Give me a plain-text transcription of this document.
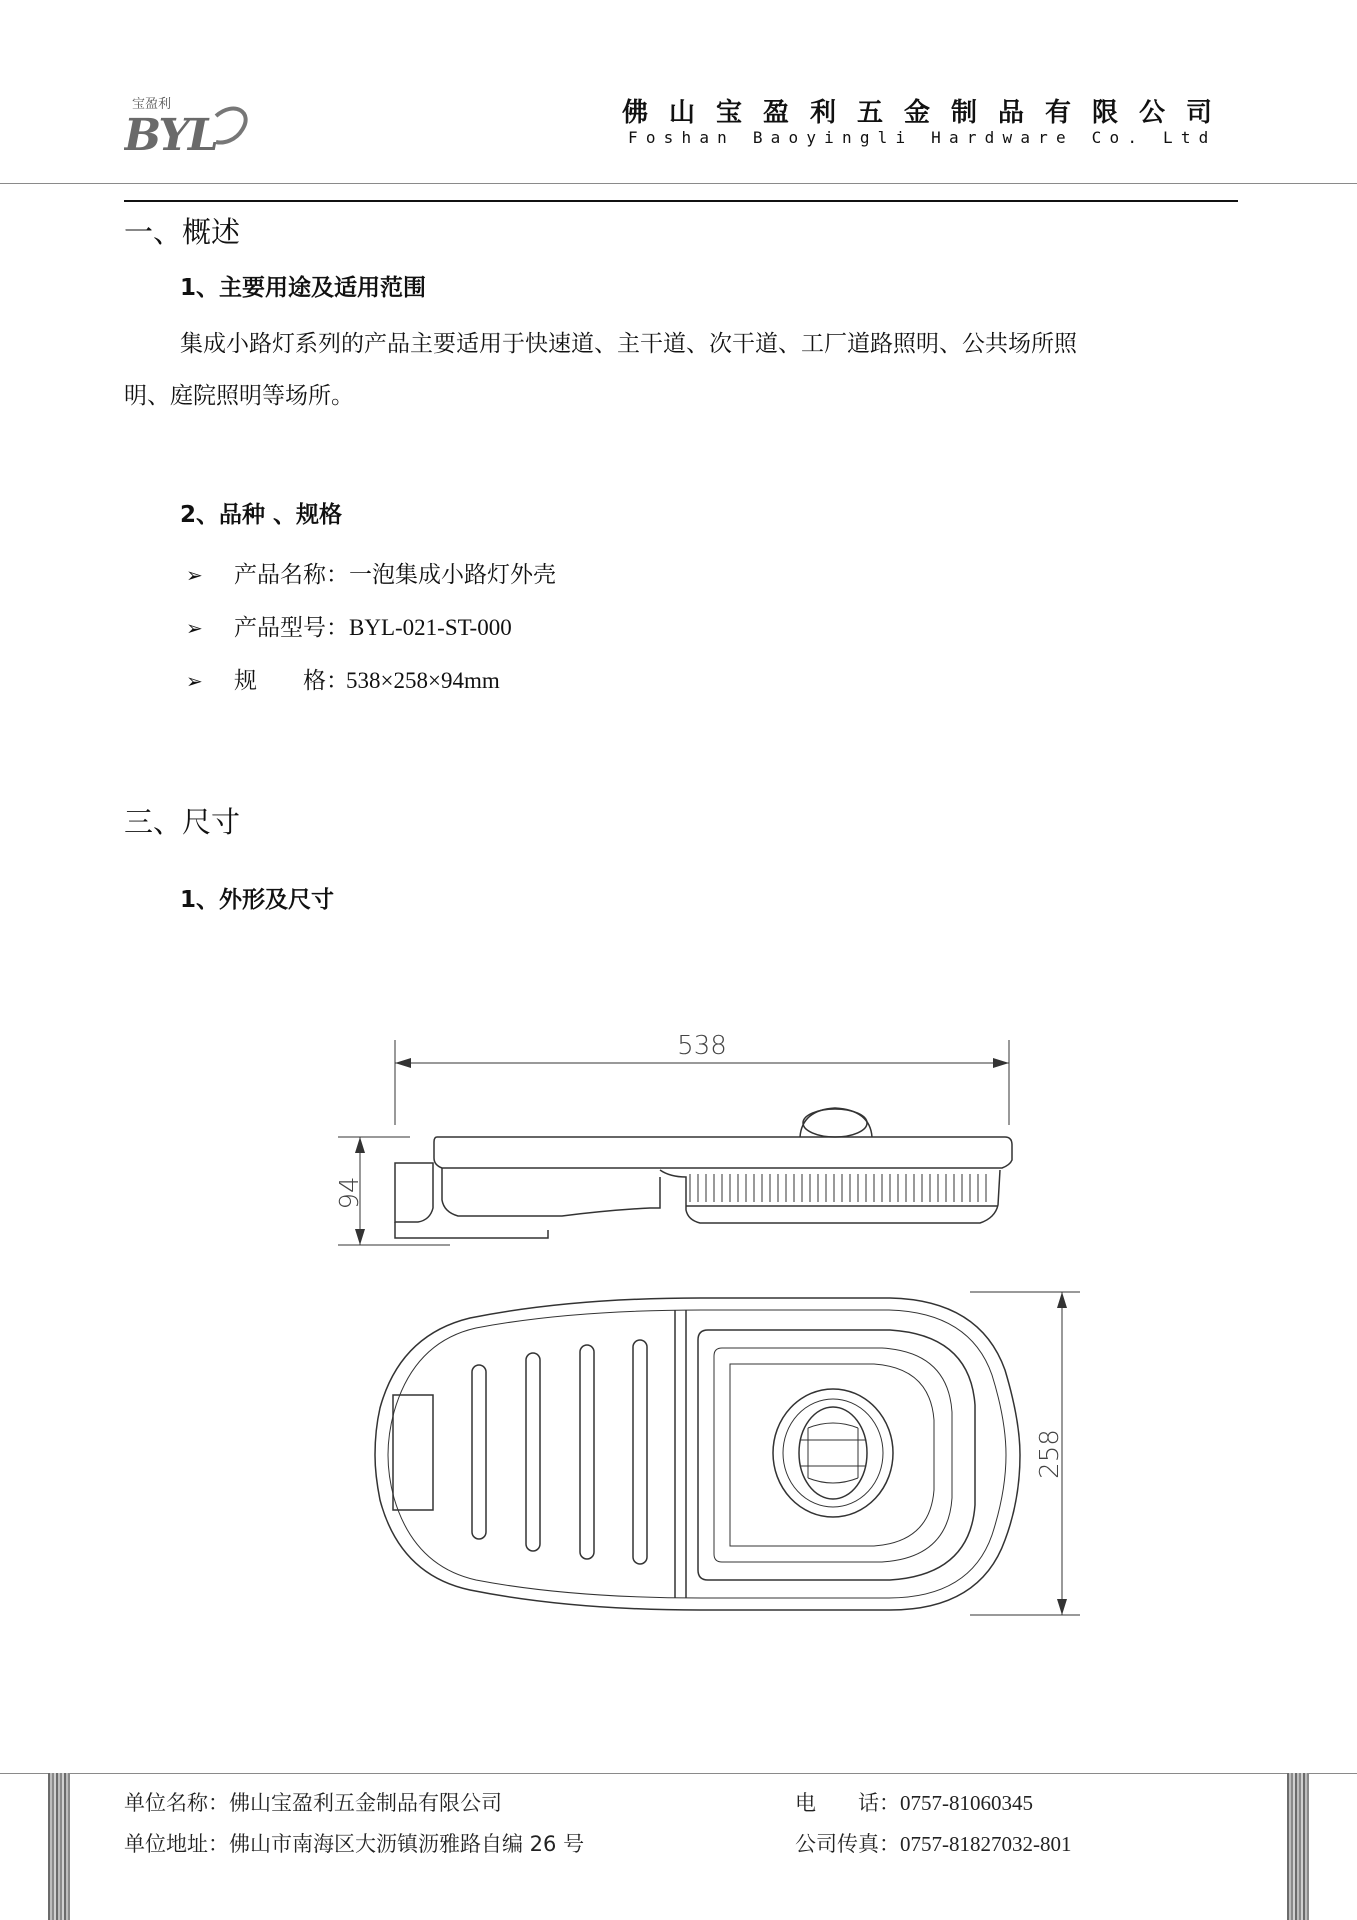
宝盈利
BYL	佛山宝盈利五金制品有限公司
Foshan Baoyingli Hardware Co. Ltd
一、概述
1、主要用途及适用范围
集成小路灯系列的产品主要适用于快速道、主干道、次干道、工厂道路照明、公共场所照
明、庭院照明等场所。
2、品种 、规格
➢ 产品名称：一泡集成小路灯外壳
➢ 产品型号：BYL-021-ST-000
➢ 规 格：538×258×94mm
三、尺寸
1、外形及尺寸
538
94
258
单位名称：佛山宝盈利五金制品有限公司
单位地址：佛山市南海区大沥镇沥雅路自编 26 号
电　　话：0757-81060345
公司传真：0757-81827032-801
